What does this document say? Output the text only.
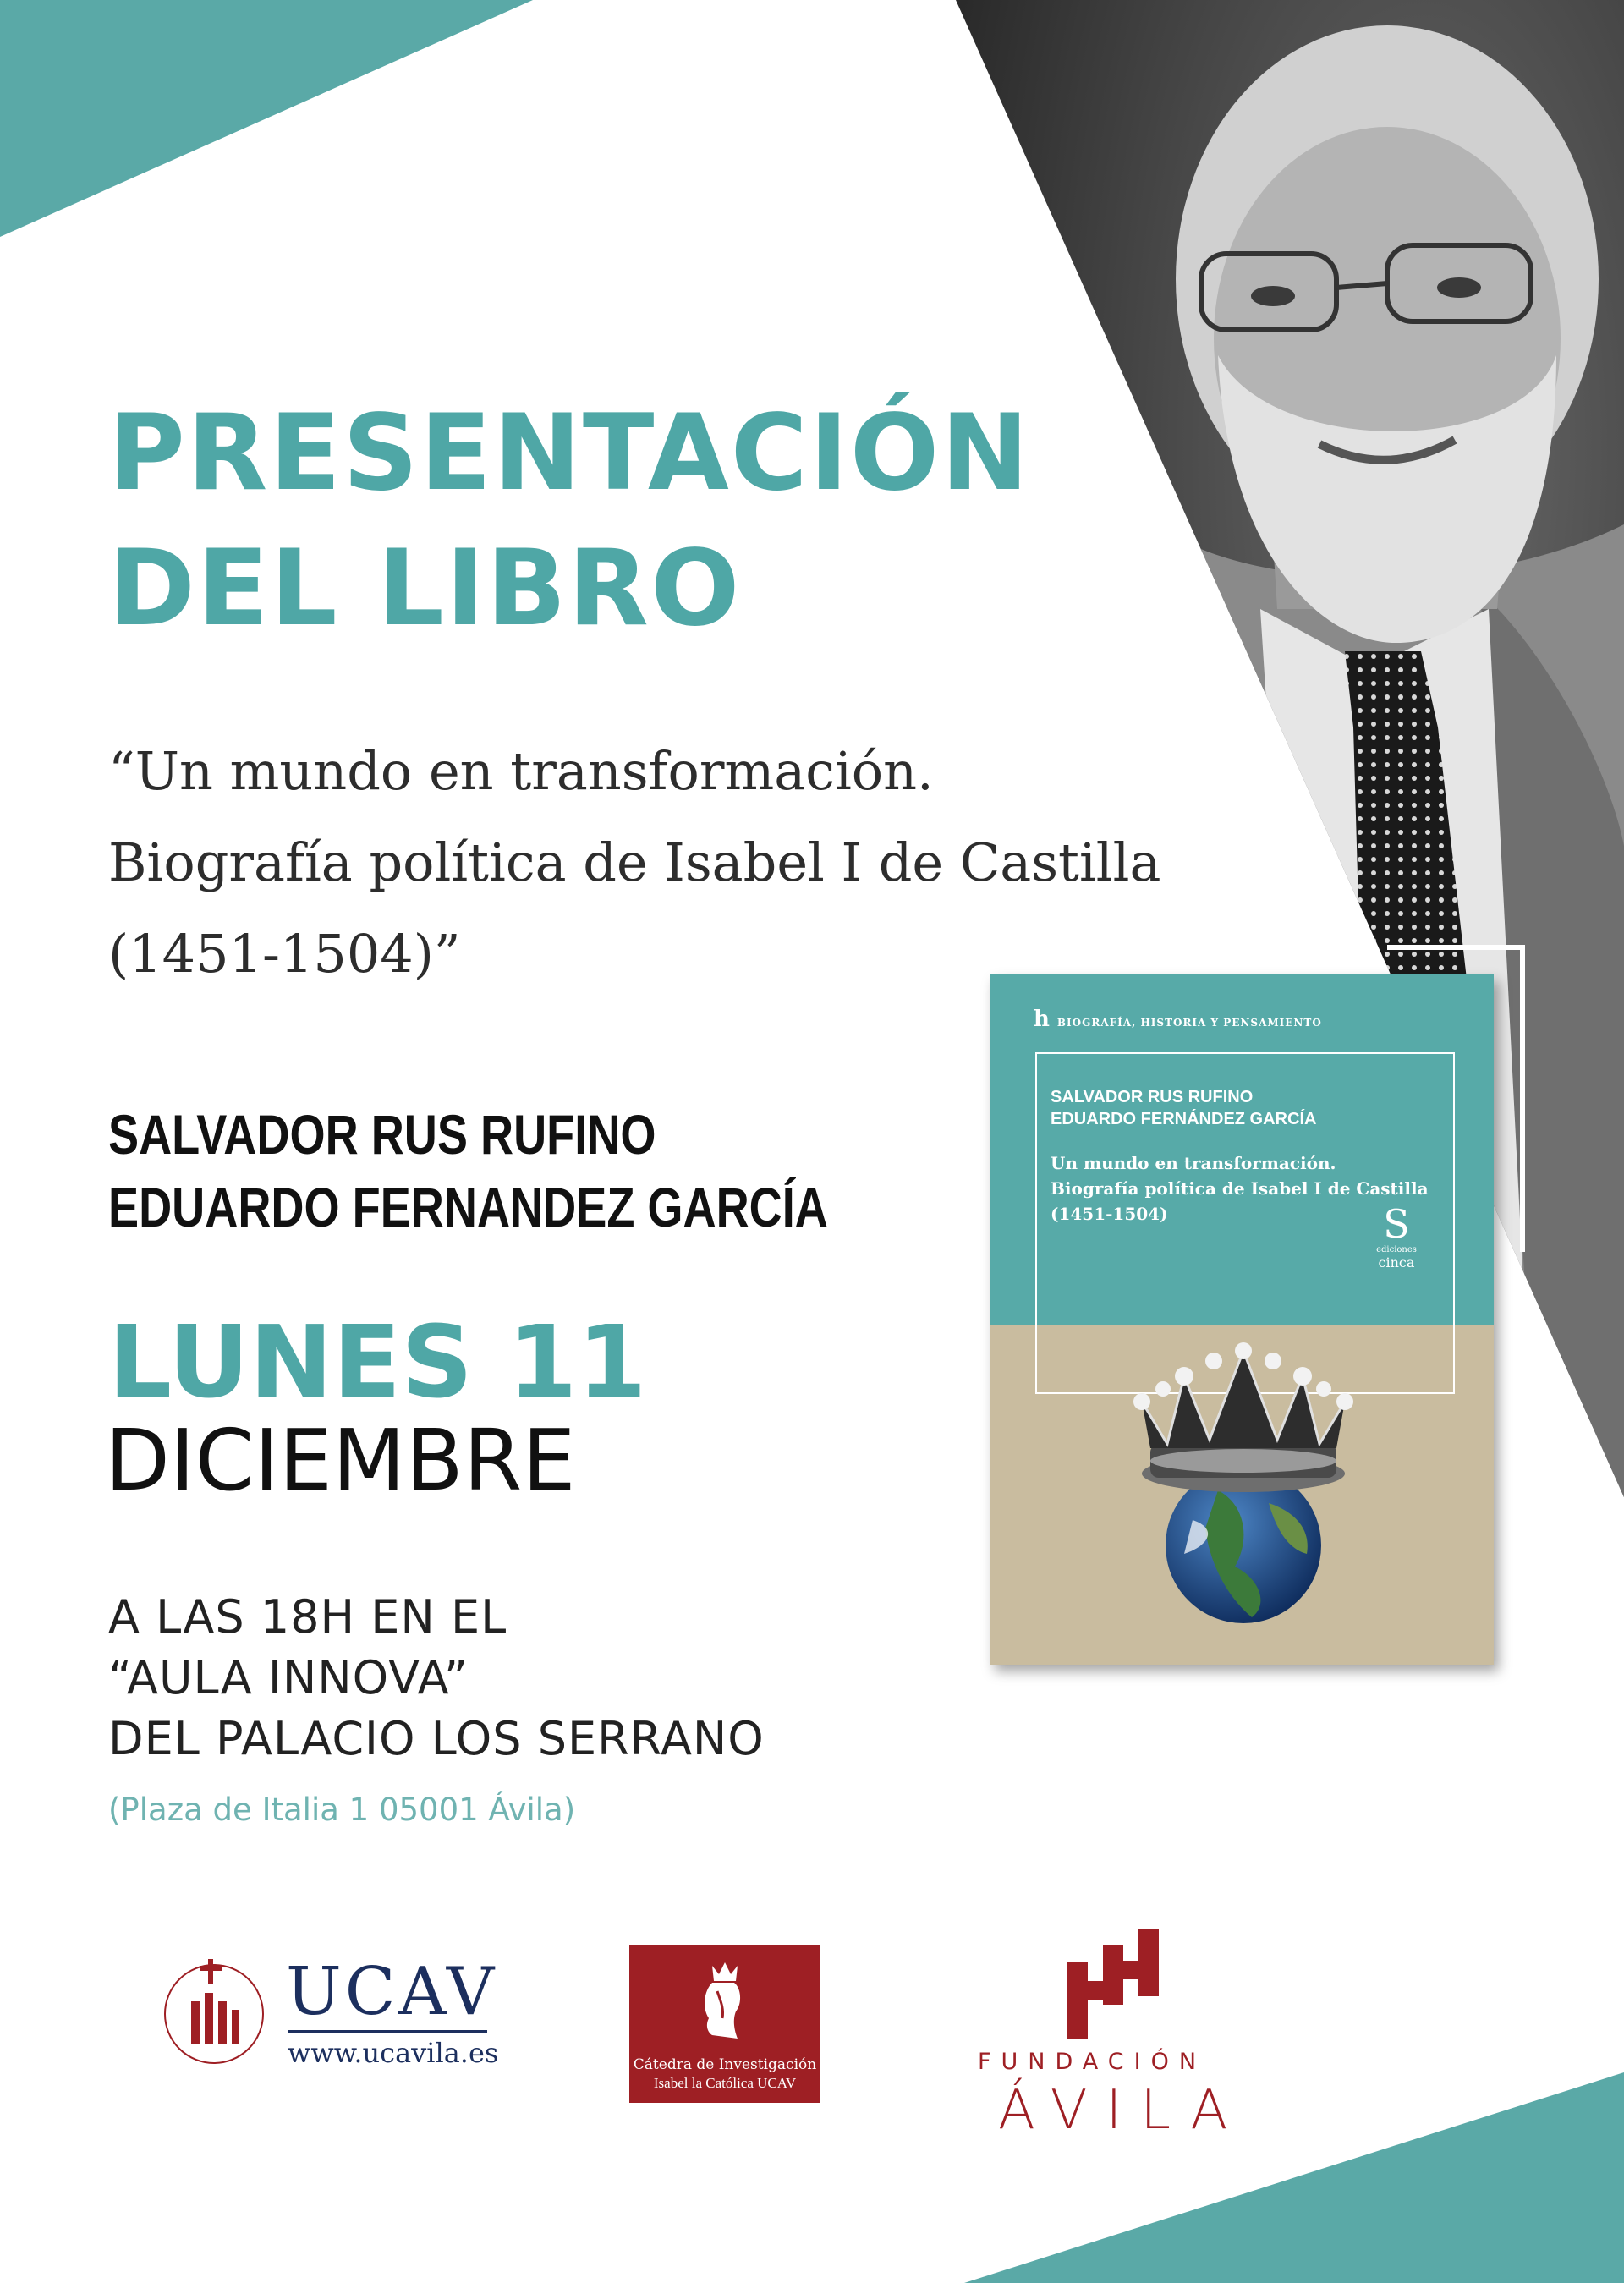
PRESENTACIÓN
DEL LIBRO
“Un mundo en transformación.
Biografía política de Isabel I de Castilla
(1451-1504)”
SALVADOR RUS RUFINO
EDUARDO FERNANDEZ GARCÍA
LUNES 11
DICIEMBRE
A LAS 18H EN EL
“AULA INNOVA”
DEL PALACIO LOS SERRANO
(Plaza de Italia 1 05001 Ávila)
hBIOGRAFÍA, HISTORIA Y PENSAMIENTO
SALVADOR RUS RUFINO
EDUARDO FERNÁNDEZ GARCÍA
Un mundo en transformación.
Biografía política de Isabel I de Castilla
(1451-1504)	S
ediciones
cinca
UCAV
www.ucavila.es	Cátedra de Investigación
Isabel la Católica UCAV
FUNDACIÓN
ÁVILA
